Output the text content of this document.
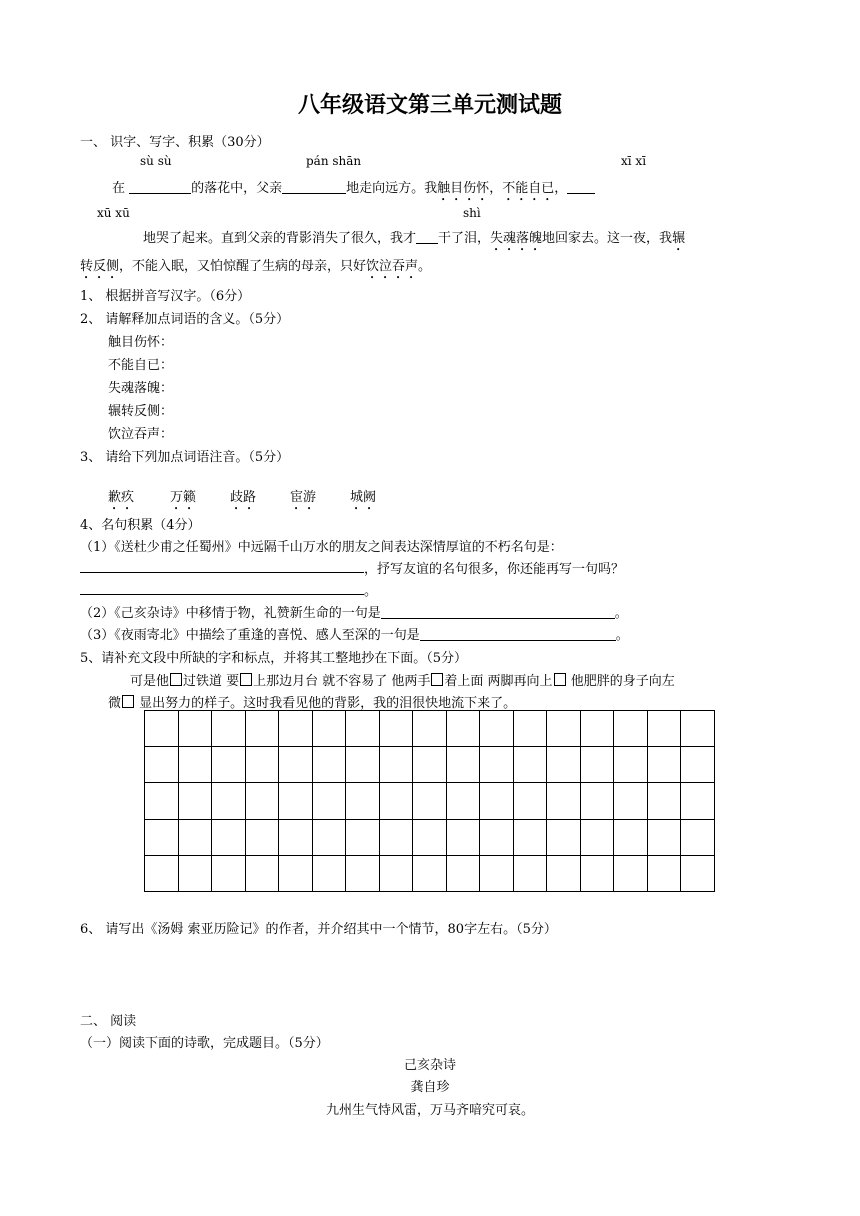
八年级语文第三单元测试题
一、 识字、写字、积累（30分）
sù sù	pán shān	xī xī
在	的落花中，父亲	地走向远方。我触目伤怀，不能自已，
xū xū	shì
地哭了起来。直到父亲的背影消失了很久，我才 干了泪，失魂落魄地回家去。这一夜，我辗
转反侧，不能入眠，又怕惊醒了生病的母亲，只好饮泣吞声。
1、 根据拼音写汉字。（6分）
2、 请解释加点词语的含义。（5分）
触目伤怀：
不能自已：
失魂落魄：
辗转反侧：
饮泣吞声：
3、 请给下列加点词语注音。（5分）
歉疚	万籁	歧路	宦游	城阙
4、名句积累（4分）
（1）《送杜少甫之任蜀州》中远隔千山万水的朋友之间表达深情厚谊的不朽名句是：
，抒写友谊的名句很多，你还能再写一句吗？
。
（2）《己亥杂诗》中移情于物，礼赞新生命的一句是	。
（3）《夜雨寄北》中描绘了重逢的喜悦、感人至深的一句是	。
5、请补充文段中所缺的字和标点，并将其工整地抄在下面。（5分）
可是他 过铁道 要 上那边月台 就不容易了 他两手 着上面 两脚再向上 他肥胖的身子向左
微 显出努力的样子。这时我看见他的背影，我的泪很快地流下来了。

6、 请写出《汤姆 索亚历险记》的作者，并介绍其中一个情节，80字左右。（5分）
二、 阅读
（一）阅读下面的诗歌，完成题目。（5分）
己亥杂诗
龚自珍
九州生气恃风雷，万马齐喑究可哀。
